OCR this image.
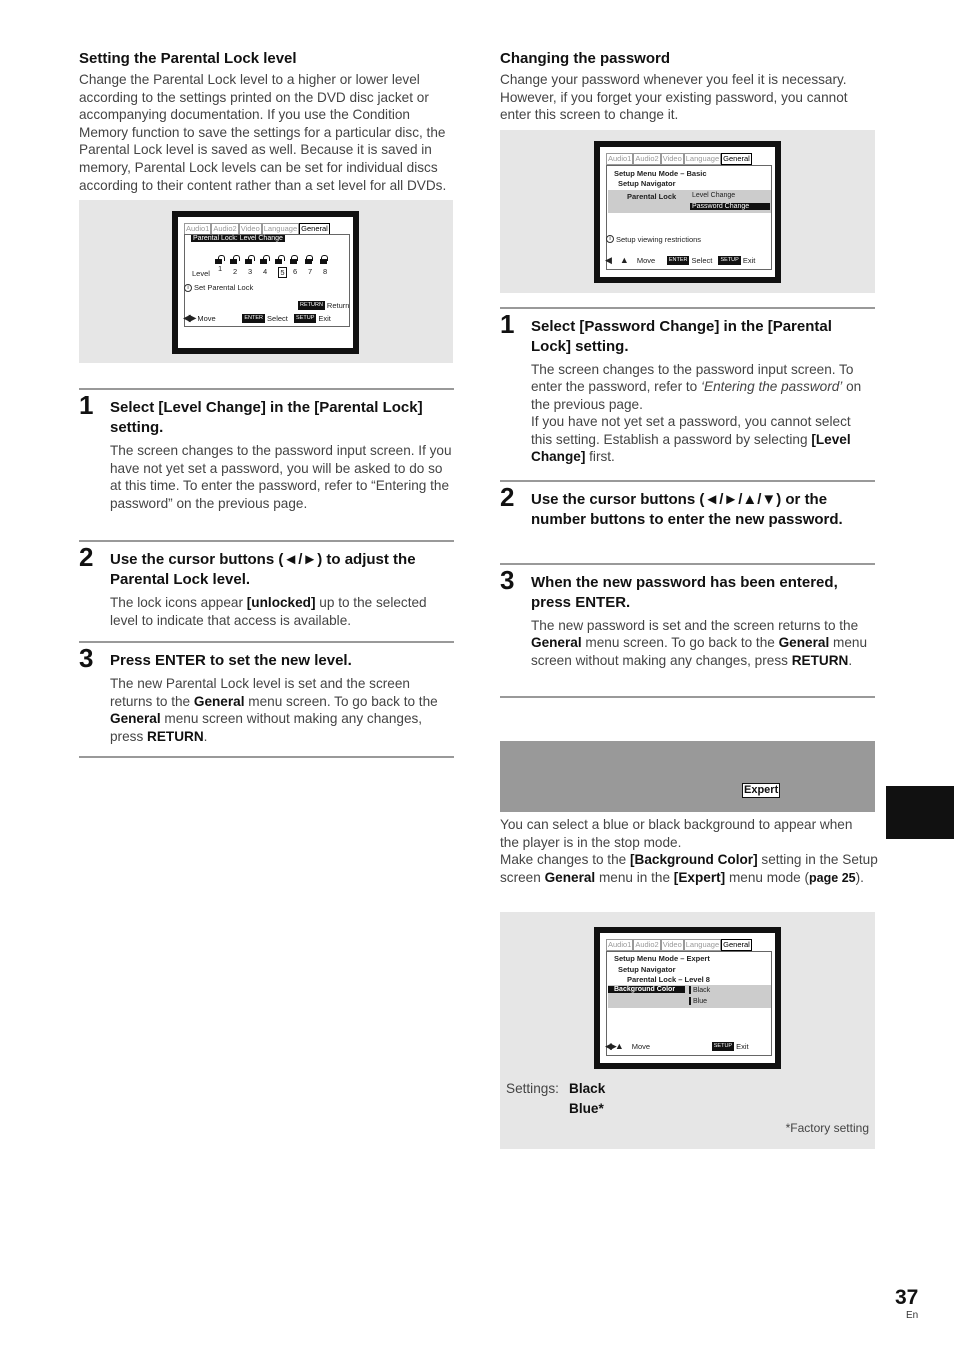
Setting the Parental Lock level

Change the Parental Lock level to a higher or lower level according to the settings printed on the DVD disc jacket or accompanying documentation. If you use the Condition Memory function to save the settings for a particular disc, the Parental Lock level is saved as well. Because it is saved in memory, Parental Lock levels can be set for individual discs according to their content rather than a set level for all DVDs.

Audio1 Audio2 Video Language General
Parental Lock: Level Change
Level
1	2	3	4	5	6	7	8
i Set Parental Lock
RETURN Return
◀▶ Move	ENTER Select	SETUP Exit
1 Select [Level Change] in the [Parental Lock] setting.
The screen changes to the password input screen. If you have not yet set a password, you will be asked to do so at this time. To enter the password, refer to “Entering the password” on the previous page.
2 Use the cursor buttons (◄/►) to adjust the Parental Lock level.
The lock icons appear [unlocked] up to the selected level to indicate that access is available.
3 Press ENTER to set the new level.
The new Parental Lock level is set and the screen returns to the General menu screen. To go back to the General menu screen without making any changes, press RETURN.
Changing the password

Change your password whenever you feel it is necessary. However, if you forget your existing password, you cannot enter this screen to change it.

Audio1 Audio2 Video Language General
Setup Menu Mode – Basic
Setup Navigator
Parental Lock Level Change
Password Change
i Setup viewing restrictions
◀ ▲ Move	ENTER Select	SETUP Exit
1 Select [Password Change] in the [Parental Lock] setting.
The screen changes to the password input screen. To enter the password, refer to ‘Entering the password’ on the previous page.
If you have not yet set a password, you cannot select this setting. Establish a password by selecting [Level Change] first.
2 Use the cursor buttons (◄/►/▲/▼) or the number buttons to enter the new password.
3 When the new password has been entered, press ENTER.
The new password is set and the screen returns to the General menu screen. To go back to the General menu screen without making any changes, press RETURN.
Expert

You can select a blue or black background to appear when the player is in the stop mode.

Make changes to the [Background Color] setting in the Setup screen General menu in the [Expert] menu mode (page 25).

Audio1 Audio2 Video Language General
Setup Menu Mode – Expert
Setup Navigator
Parental Lock – Level 8
Background Color	Black
Blue
◀▶▲ Move	SETUP Exit
Settings: Black
Blue*
*Factory setting
37
En
